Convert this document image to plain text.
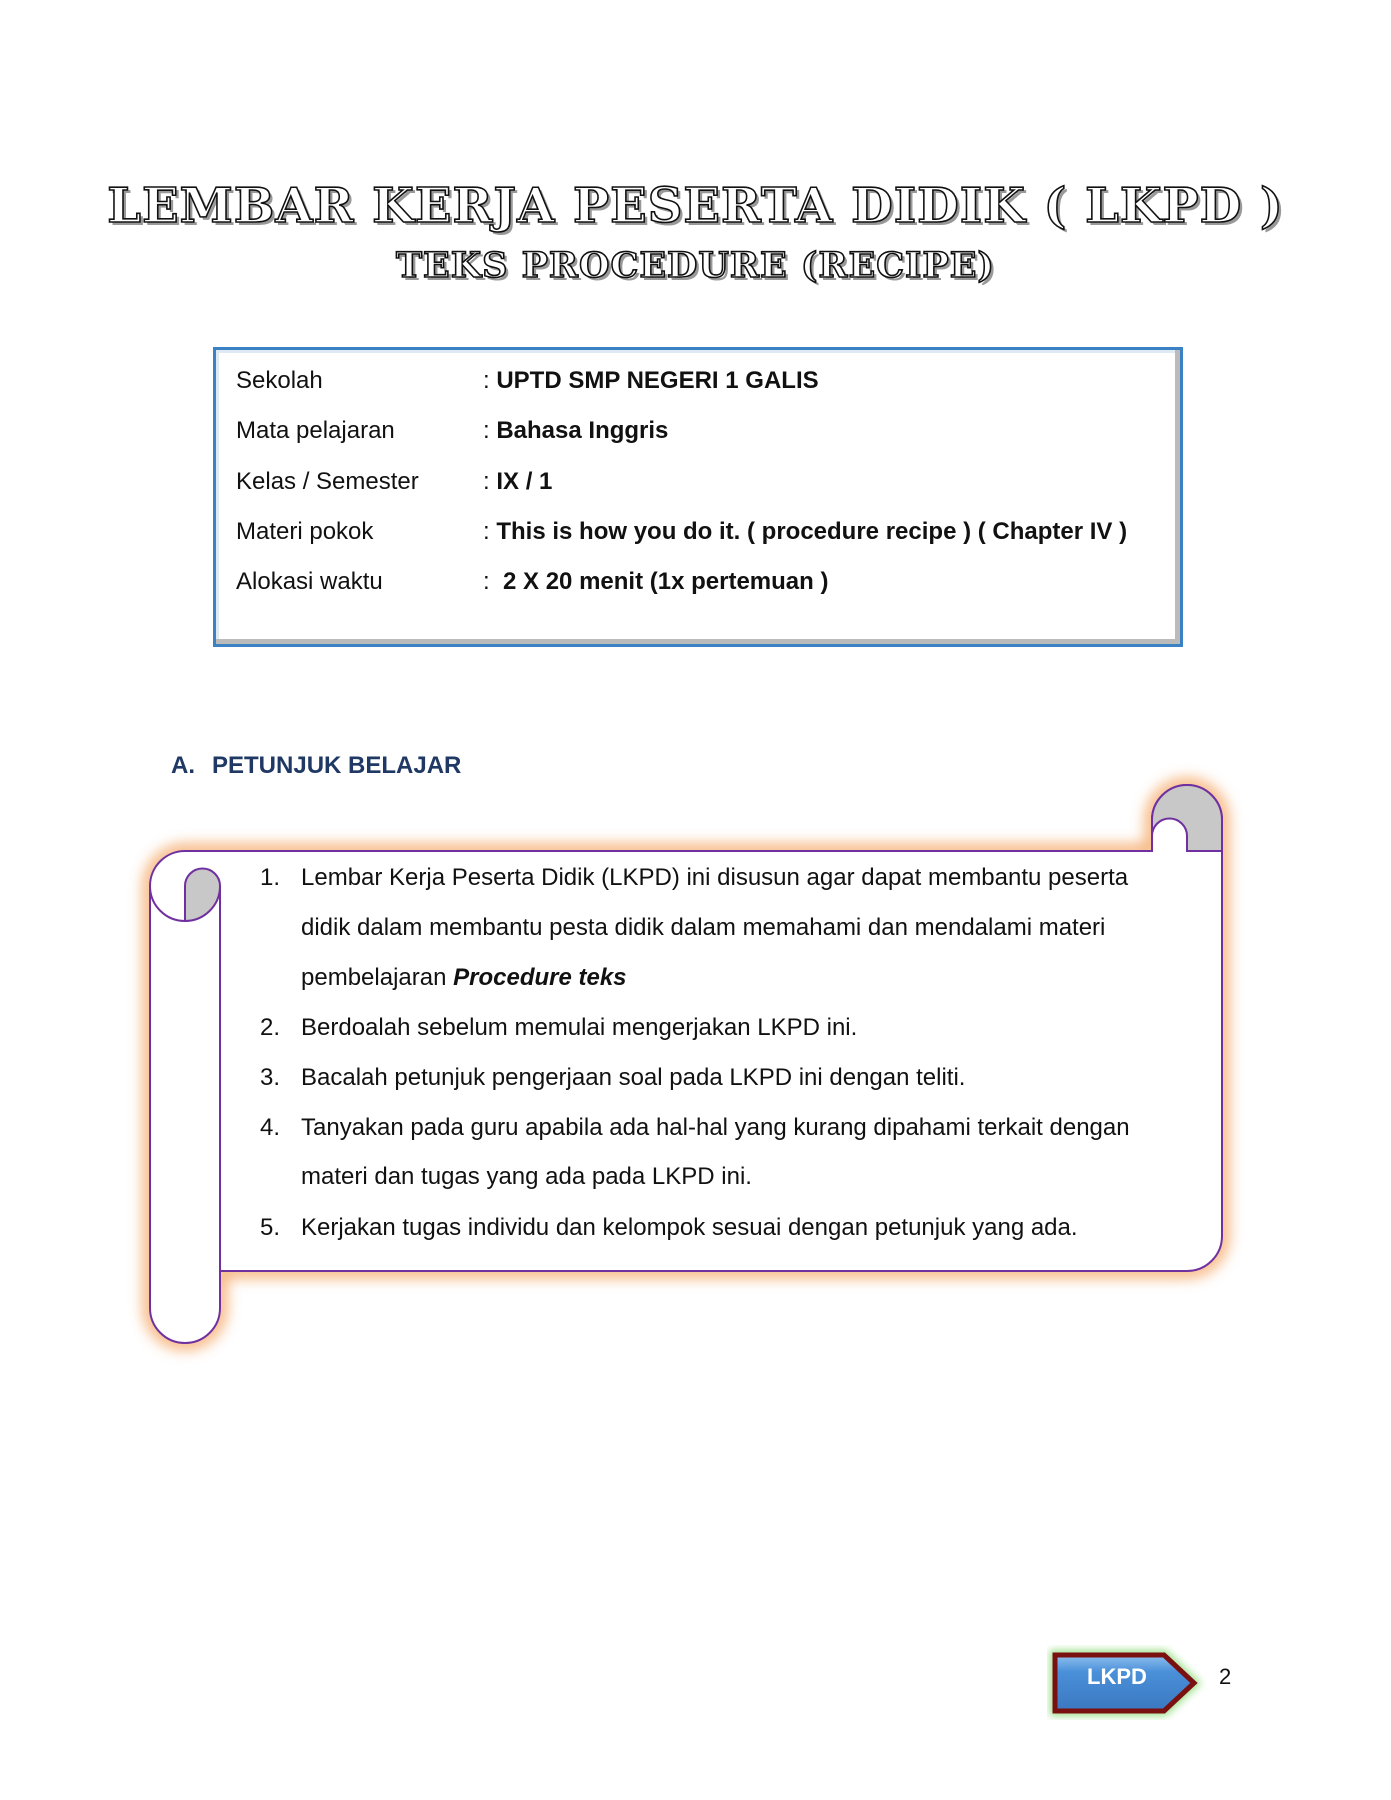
LEMBAR KERJA PESERTA DIDIK ( LKPD )
TEKS PROCEDURE (RECIPE)
Sekolah	: UPTD SMP NEGERI 1 GALIS
Mata pelajaran	: Bahasa Inggris
Kelas / Semester	: IX / 1
Materi pokok	: This is how you do it. ( procedure recipe ) ( Chapter IV )
Alokasi waktu	:  2 X 20 menit (1x pertemuan )
A. PETUNJUK BELAJAR
1. Lembar Kerja Peserta Didik (LKPD) ini disusun agar dapat membantu peserta
didik dalam membantu pesta didik dalam memahami dan mendalami materi
pembelajaran Procedure teks
2. Berdoalah sebelum memulai mengerjakan LKPD ini.
3. Bacalah petunjuk pengerjaan soal pada LKPD ini dengan teliti.
4. Tanyakan pada guru apabila ada hal-hal yang kurang dipahami terkait dengan
materi dan tugas yang ada pada LKPD ini.
5. Kerjakan tugas individu dan kelompok sesuai dengan petunjuk yang ada.
LKPD	2
